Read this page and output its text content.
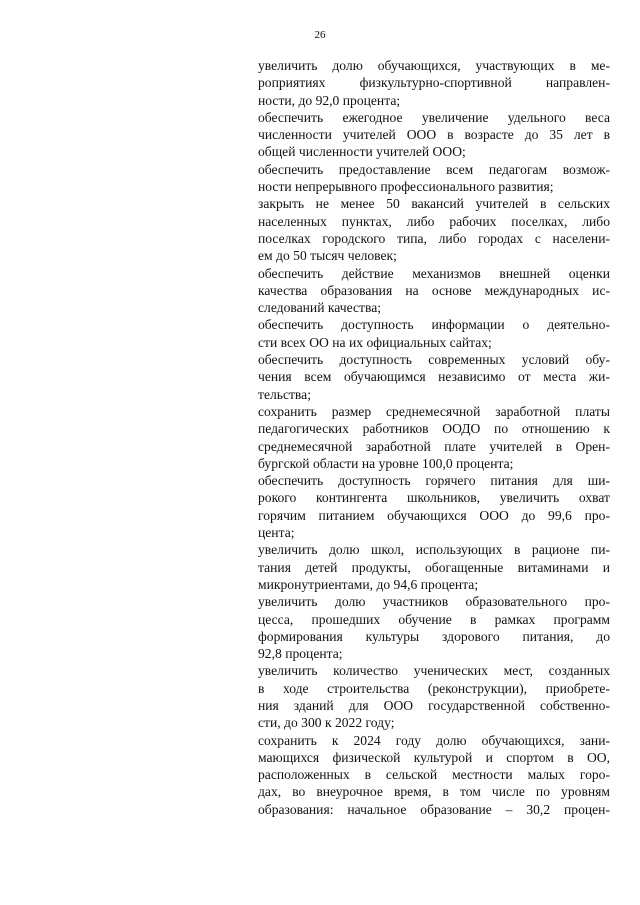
26
увеличить долю обучающихся, участвующих в ме-
роприятиях физкультурно-спортивной направлен-
ности, до 92,0 процента;
обеспечить ежегодное увеличение удельного веса
численности учителей ООО в возрасте до 35 лет в
общей численности учителей ООО;
обеспечить предоставление всем педагогам возмож-
ности непрерывного профессионального развития;
закрыть не менее 50 вакансий учителей в сельских
населенных пунктах, либо рабочих поселках, либо
поселках городского типа, либо городах с населени-
ем до 50 тысяч человек;
обеспечить действие механизмов внешней оценки
качества образования на основе международных ис-
следований качества;
обеспечить доступность информации о деятельно-
сти всех ОО на их официальных сайтах;
обеспечить доступность современных условий обу-
чения всем обучающимся независимо от места жи-
тельства;
сохранить размер среднемесячной заработной платы
педагогических работников ООДО по отношению к
среднемесячной заработной плате учителей в Орен-
бургской области на уровне 100,0 процента;
обеспечить доступность горячего питания для ши-
рокого контингента школьников, увеличить охват
горячим питанием обучающихся ООО до 99,6 про-
цента;
увеличить долю школ, использующих в рационе пи-
тания детей продукты, обогащенные витаминами и
микронутриентами, до 94,6 процента;
увеличить долю участников образовательного про-
цесса, прошедших обучение в рамках программ
формирования культуры здорового питания, до
92,8 процента;
увеличить количество ученических мест, созданных
в ходе строительства (реконструкции), приобрете-
ния зданий для ООО государственной собственно-
сти, до 300 к 2022 году;
сохранить к 2024 году долю обучающихся, зани-
мающихся физической культурой и спортом в ОО,
расположенных в сельской местности малых горо-
дах, во внеурочное время, в том числе по уровням
образования: начальное образование – 30,2 процен-
